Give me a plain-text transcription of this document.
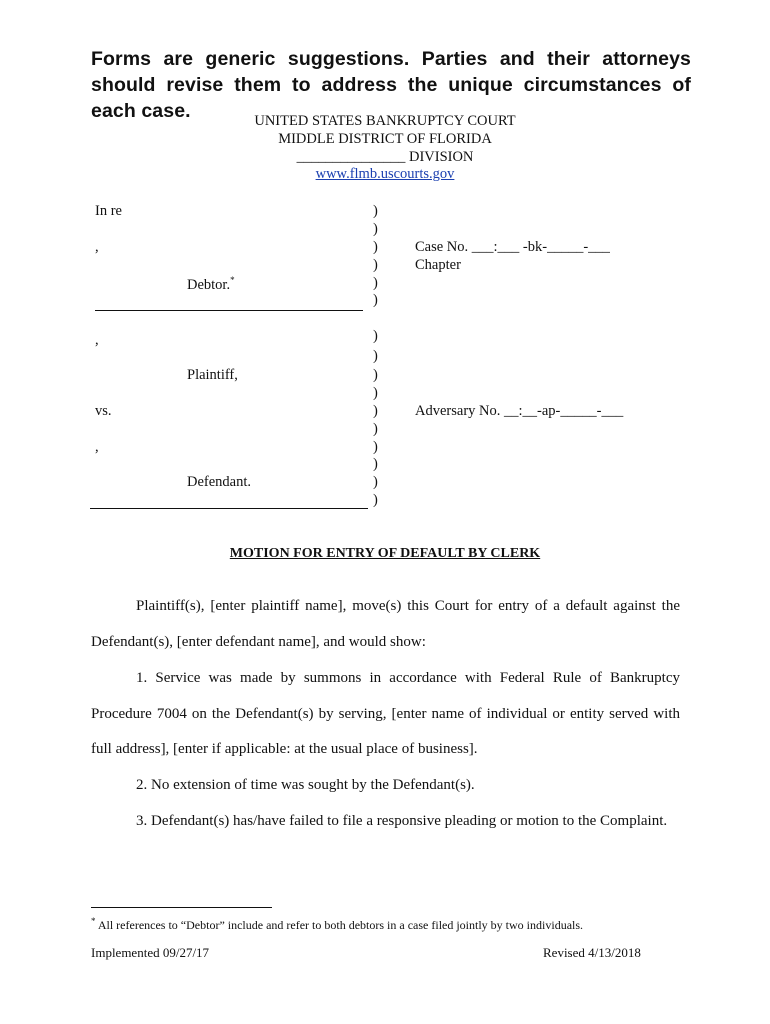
Forms are generic suggestions. Parties and their attorneys should revise them to address the unique circumstances of each case.	UNITED STATES BANKRUPTCY COURT
MIDDLE DISTRICT OF FLORIDA
_______________ DIVISION
www.flmb.uscourts.gov
In re
,
Debtor.*
,
Plaintiff,
vs.
,
Defendant.
)
)
)
)
)
)
)
)
)
)
)
)
)
)
)
)
Case No. ___:___ -bk-_____-___
Chapter
Adversary No. __:__-ap-_____-___
MOTION FOR ENTRY OF DEFAULT BY CLERK
Plaintiff(s), [enter plaintiff name], move(s) this Court for entry of a default against the
Defendant(s), [enter defendant name], and would show:
1. Service was made by summons in accordance with Federal Rule of Bankruptcy
Procedure 7004 on the Defendant(s) by serving, [enter name of individual or entity served with
full address], [enter if applicable: at the usual place of business].
2. No extension of time was sought by the Defendant(s).
3. Defendant(s) has/have failed to file a responsive pleading or motion to the Complaint.
* All references to “Debtor” include and refer to both debtors in a case filed jointly by two individuals.
Implemented 09/27/17	Revised 4/13/2018
